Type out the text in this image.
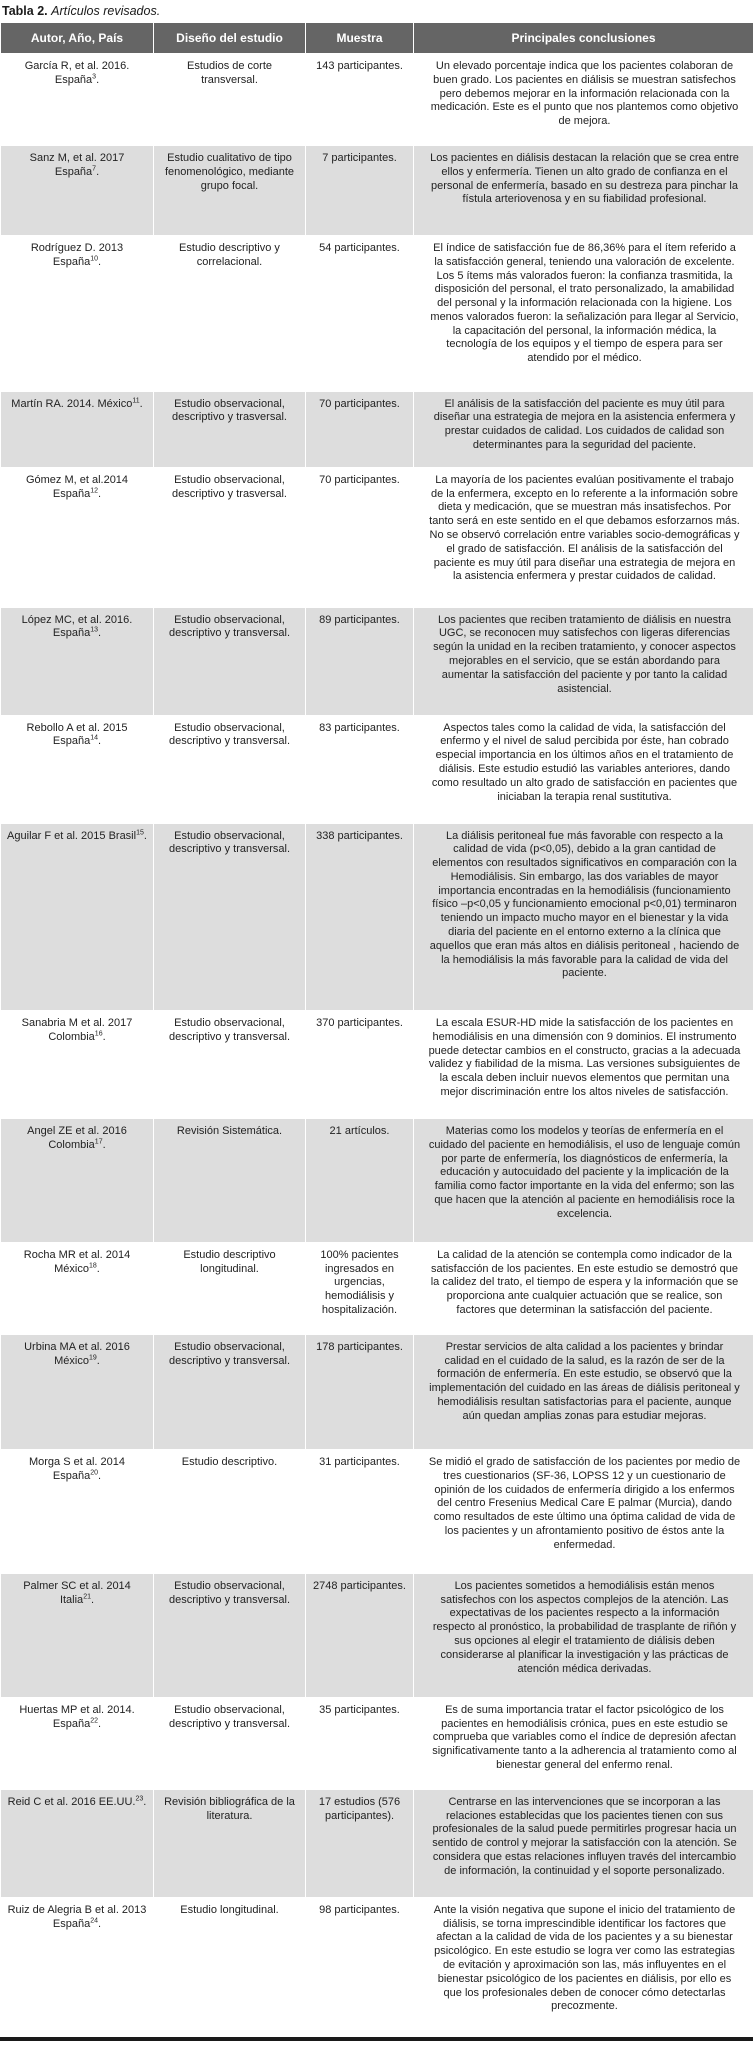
Tabla 2. Artículos revisados.
Autor, Año, País	Diseño del estudio	Muestra	Principales conclusiones
García R, et al. 2016. España$^3$.	Estudios de corte transversal.	143 participantes.	Un elevado porcentaje indica que los pacientes colaboran de buen grado. Los pacientes en diálisis se muestran satisfechos pero debemos mejorar en la información relacionada con la medicación. Este es el punto que nos plantemos como objetivo de mejora.
Sanz M, et al. 2017 España$^7$.	Estudio cualitativo de tipo fenomenológico, mediante grupo focal.	7 participantes.	Los pacientes en diálisis destacan la relación que se crea entre ellos y enfermería. Tienen un alto grado de confianza en el personal de enfermería, basado en su destreza para pinchar la fístula arteriovenosa y en su fiabilidad profesional.
Rodríguez D. 2013 España$^{10}$.	Estudio descriptivo y correlacional.	54 participantes.	El índice de satisfacción fue de 86,36% para el ítem referido a la satisfacción general, teniendo una valoración de excelente. Los 5 ítems más valorados fueron: la confianza trasmitida, la disposición del personal, el trato personalizado, la amabilidad del personal y la información relacionada con la higiene. Los menos valorados fueron: la señalización para llegar al Servicio, la capacitación del personal, la información médica, la tecnología de los equipos y el tiempo de espera para ser atendido por el médico.
Martín RA. 2014. México$^{11}$.	Estudio observacional, descriptivo y trasversal.	70 participantes.	El análisis de la satisfacción del paciente es muy útil para diseñar una estrategia de mejora en la asistencia enfermera y prestar cuidados de calidad. Los cuidados de calidad son determinantes para la seguridad del paciente.
Gómez M, et al.2014 España$^{12}$.	Estudio observacional, descriptivo y trasversal.	70 participantes.	La mayoría de los pacientes evalúan positivamente el trabajo de la enfermera, excepto en lo referente a la información sobre dieta y medicación, que se muestran más insatisfechos. Por tanto será en este sentido en el que debamos esforzarnos más. No se observó correlación entre variables socio-demográficas y el grado de satisfacción. El análisis de la satisfacción del paciente es muy útil para diseñar una estrategia de mejora en la asistencia enfermera y prestar cuidados de calidad.
López MC, et al. 2016. España$^{13}$.	Estudio observacional, descriptivo y transversal.	89 participantes.	Los pacientes que reciben tratamiento de diálisis en nuestra UGC, se reconocen muy satisfechos con ligeras diferencias según la unidad en la reciben tratamiento, y conocer aspectos mejorables en el servicio, que se están abordando para aumentar la satisfacción del paciente y por tanto la calidad asistencial.
Rebollo A et al. 2015 España$^{14}$.	Estudio observacional, descriptivo y transversal.	83 participantes.	Aspectos tales como la calidad de vida, la satisfacción del enfermo y el nivel de salud percibida por éste, han cobrado especial importancia en los últimos años en el tratamiento de diálisis. Este estudio estudió las variables anteriores, dando como resultado un alto grado de satisfacción en pacientes que iniciaban la terapia renal sustitutiva.
Aguilar F et al. 2015 Brasil$^{15}$.	Estudio observacional, descriptivo y transversal.	338 participantes.	La diálisis peritoneal fue más favorable con respecto a la calidad de vida (p<0,05), debido a la gran cantidad de elementos con resultados significativos en comparación con la Hemodiálisis. Sin embargo, las dos variables de mayor importancia encontradas en la hemodiálisis (funcionamiento físico –p<0,05 y funcionamiento emocional p<0,01) terminaron teniendo un impacto mucho mayor en el bienestar y la vida diaria del paciente en el entorno externo a la clínica que aquellos que eran más altos en diálisis peritoneal , haciendo de la hemodiálisis la más favorable para la calidad de vida del paciente.
Sanabria M et al. 2017 Colombia$^{16}$.	Estudio observacional, descriptivo y transversal.	370 participantes.	La escala ESUR-HD mide la satisfacción de los pacientes en hemodiálisis en una dimensión con 9 dominios. El instrumento puede detectar cambios en el constructo, gracias a la adecuada validez y fiabilidad de la misma. Las versiones subsiguientes de la escala deben incluir nuevos elementos que permitan una mejor discriminación entre los altos niveles de satisfacción.
Angel ZE et al. 2016 Colombia$^{17}$.	Revisión Sistemática.	21 artículos.	Materias como los modelos y teorías de enfermería en el cuidado del paciente en hemodiálisis, el uso de lenguaje común por parte de enfermería, los diagnósticos de enfermería, la educación y autocuidado del paciente y la implicación de la familia como factor importante en la vida del enfermo; son las que hacen que la atención al paciente en hemodiálisis roce la excelencia.
Rocha MR et al. 2014 México$^{18}$.	Estudio descriptivo longitudinal.	100% pacientes ingresados en urgencias, hemodiálisis y hospitalización.	La calidad de la atención se contempla como indicador de la satisfacción de los pacientes. En este estudio se demostró que la calidez del trato, el tiempo de espera y la información que se proporciona ante cualquier actuación que se realice, son factores que determinan la satisfacción del paciente.
Urbina MA et al. 2016 México$^{19}$.	Estudio observacional, descriptivo y transversal.	178 participantes.	Prestar servicios de alta calidad a los pacientes y brindar calidad en el cuidado de la salud, es la razón de ser de la formación de enfermería. En este estudio, se observó que la implementación del cuidado en las áreas de diálisis peritoneal y hemodiálisis resultan satisfactorias para el paciente, aunque aún quedan amplias zonas para estudiar mejoras.
Morga S et al. 2014 España$^{20}$.	Estudio descriptivo.	31 participantes.	Se midió el grado de satisfacción de los pacientes por medio de tres cuestionarios (SF-36, LOPSS 12 y un cuestionario de opinión de los cuidados de enfermería dirigido a los enfermos del centro Fresenius Medical Care E palmar (Murcia), dando como resultados de este último una óptima calidad de vida de los pacientes y un afrontamiento positivo de éstos ante la enfermedad.
Palmer SC et al. 2014 Italia$^{21}$.	Estudio observacional, descriptivo y transversal.	2748 participantes.	Los pacientes sometidos a hemodiálisis están menos satisfechos con los aspectos complejos de la atención. Las expectativas de los pacientes respecto a la información respecto al pronóstico, la probabilidad de trasplante de riñón y sus opciones al elegir el tratamiento de diálisis deben considerarse al planificar la investigación y las prácticas de atención médica derivadas.
Huertas MP et al. 2014. España$^{22}$.	Estudio observacional, descriptivo y transversal.	35 participantes.	Es de suma importancia tratar el factor psicológico de los pacientes en hemodiálisis crónica, pues en este estudio se comprueba que variables como el índice de depresión afectan significativamente tanto a la adherencia al tratamiento como al bienestar general del enfermo renal.
Reid C et al. 2016 EE.UU.$^{23}$.	Revisión bibliográfica de la literatura.	17 estudios (576 participantes).	Centrarse en las intervenciones que se incorporan a las relaciones establecidas que los pacientes tienen con sus profesionales de la salud puede permitirles progresar hacia un sentido de control y mejorar la satisfacción con la atención. Se considera que estas relaciones influyen través del intercambio de información, la continuidad y el soporte personalizado.
Ruiz de Alegria B et al. 2013 España$^{24}$.	Estudio longitudinal.	98 participantes.	Ante la visión negativa que supone el inicio del tratamiento de diálisis, se torna imprescindible identificar los factores que afectan a la calidad de vida de los pacientes y a su bienestar psicológico. En este estudio se logra ver como las estrategias de evitación y aproximación son las, más influyentes en el bienestar psicológico de los pacientes en diálisis, por ello es que los profesionales deben de conocer cómo detectarlas precozmente.
